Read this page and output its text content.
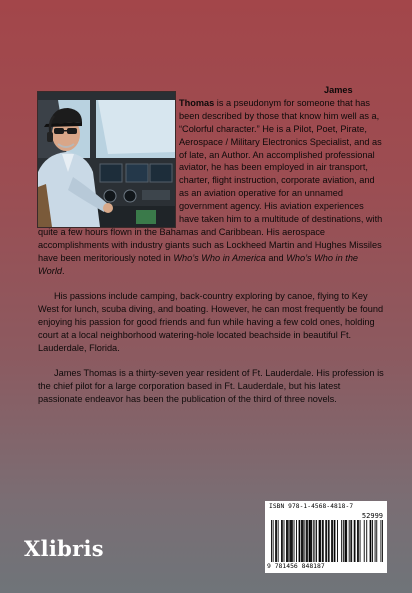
James Thomas is a pseudonym for someone that has been described by those that know him well as a, “Colorful character.” He is a Pilot, Poet, Pirate, Aerospace / Military Electronics Specialist, and as of late, an Author. An accomplished professional aviator, he has been employed in air transport, charter, flight instruction, corporate aviation, and as an aviation operative for an unnamed government agency. His aviation experiences have taken him to a multitude of destinations, with quite a few hours flown in the Bahamas and Caribbean. His aerospace accomplishments with industry giants such as Lockheed Martin and Hughes Missiles have been meritoriously noted in Who’s Who in America and Who’s Who in the World.

His passions include camping, back-country exploring by canoe, flying to Key West for lunch, scuba diving, and boating. However, he can most frequently be found enjoying his passion for good friends and fun while having a few cold ones, holding court at a local neighborhood watering-hole located beachside in beautiful Ft. Lauderdale, Florida.

James Thomas is a thirty-seven year resident of Ft. Lauderdale. His profession is the chief pilot for a large corporation based in Ft. Lauderdale, but his latest passionate endeavor has been the publication of the third of three novels.

Xlibris
ISBN 978-1-4568-4818-7
52999
9 781456 848187
